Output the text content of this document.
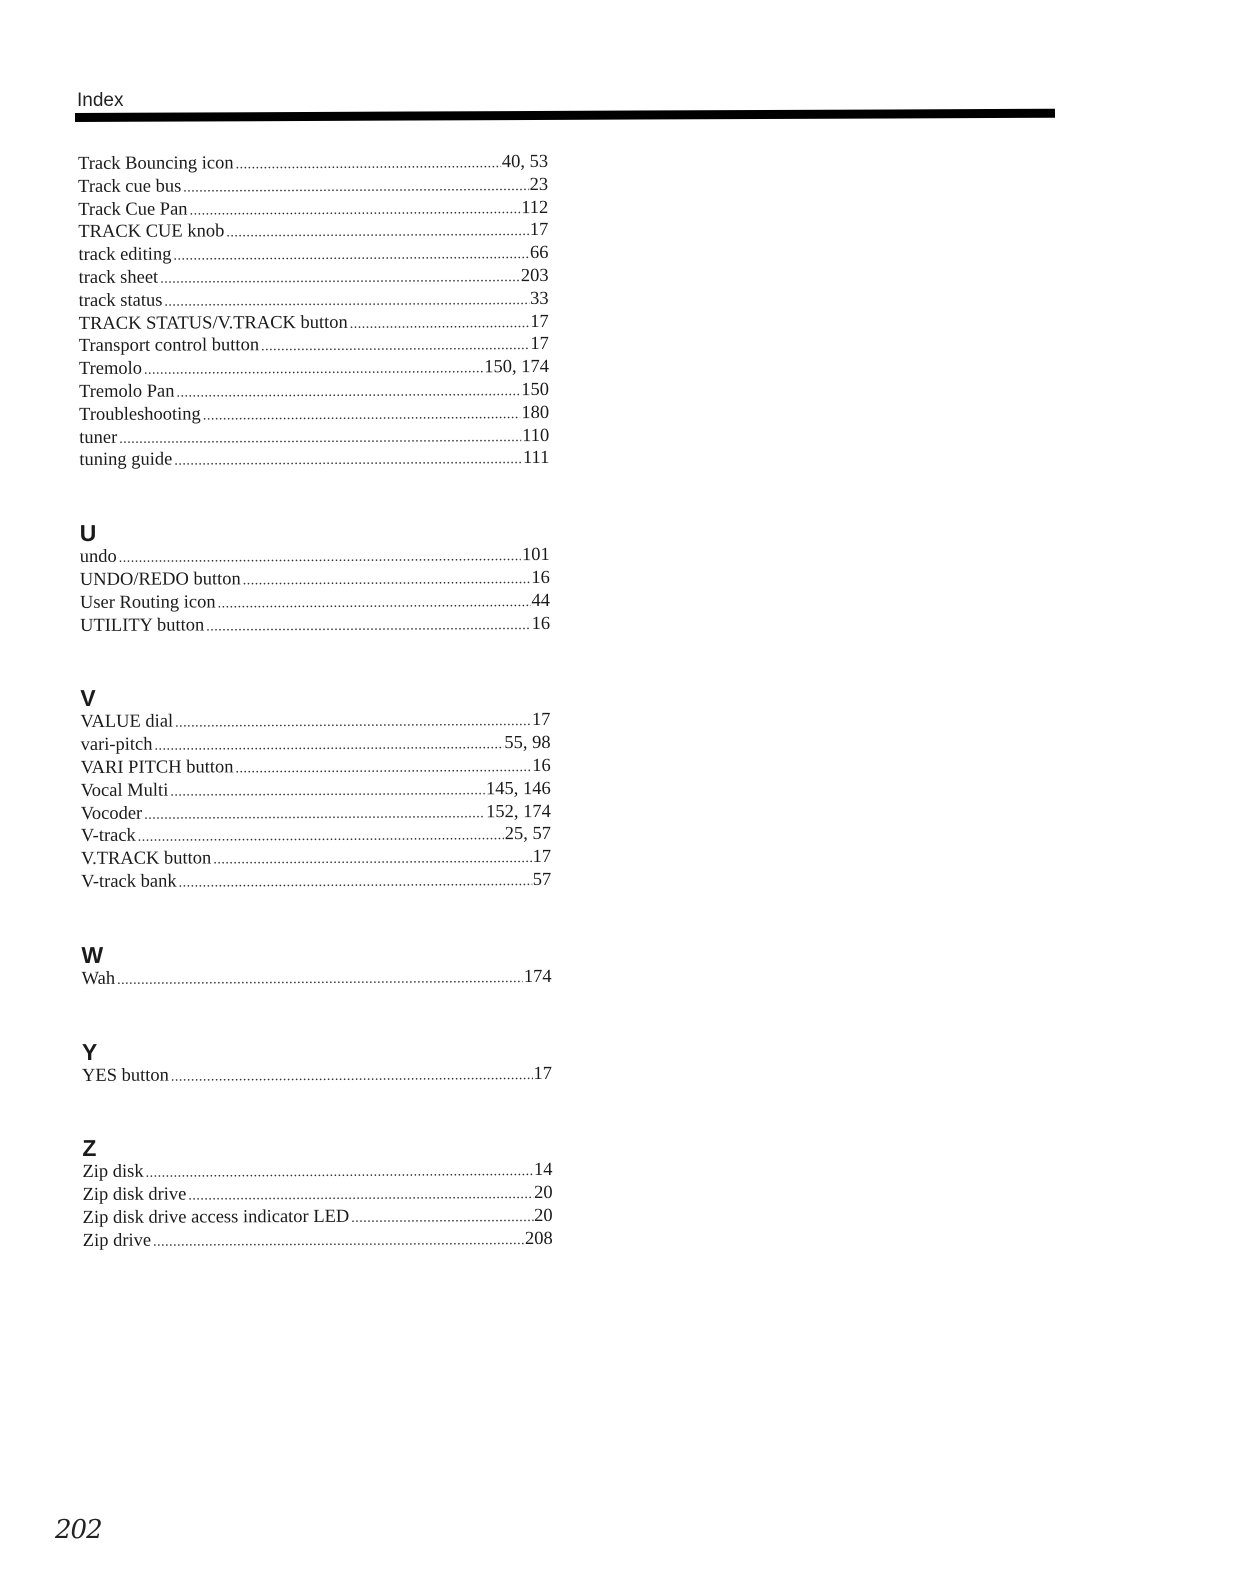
Index
Track Bouncing icon .....	40, 53
Track cue bus .....	23
Track Cue Pan .....	112
TRACK CUE knob .....	17
track editing .....	66
track sheet .....	203
track status .....	33
TRACK STATUS/V.TRACK button .....	17
Transport control button .....	17
Tremolo .....	150, 174
Tremolo Pan .....	150
Troubleshooting .....	180
tuner .....	110
tuning guide .....	111
U
undo .....	101
UNDO/REDO button .....	16
User Routing icon .....	44
UTILITY button .....	16
V
VALUE dial .....	17
vari-pitch .....	55, 98
VARI PITCH button .....	16
Vocal Multi .....	145, 146
Vocoder .....	152, 174
V-track .....	25, 57
V.TRACK button .....	17
V-track bank .....	57
W
Wah .....	174
Y
YES button .....	17
Z
Zip disk .....	14
Zip disk drive .....	20
Zip disk drive access indicator LED .....	20
Zip drive .....	208
202
